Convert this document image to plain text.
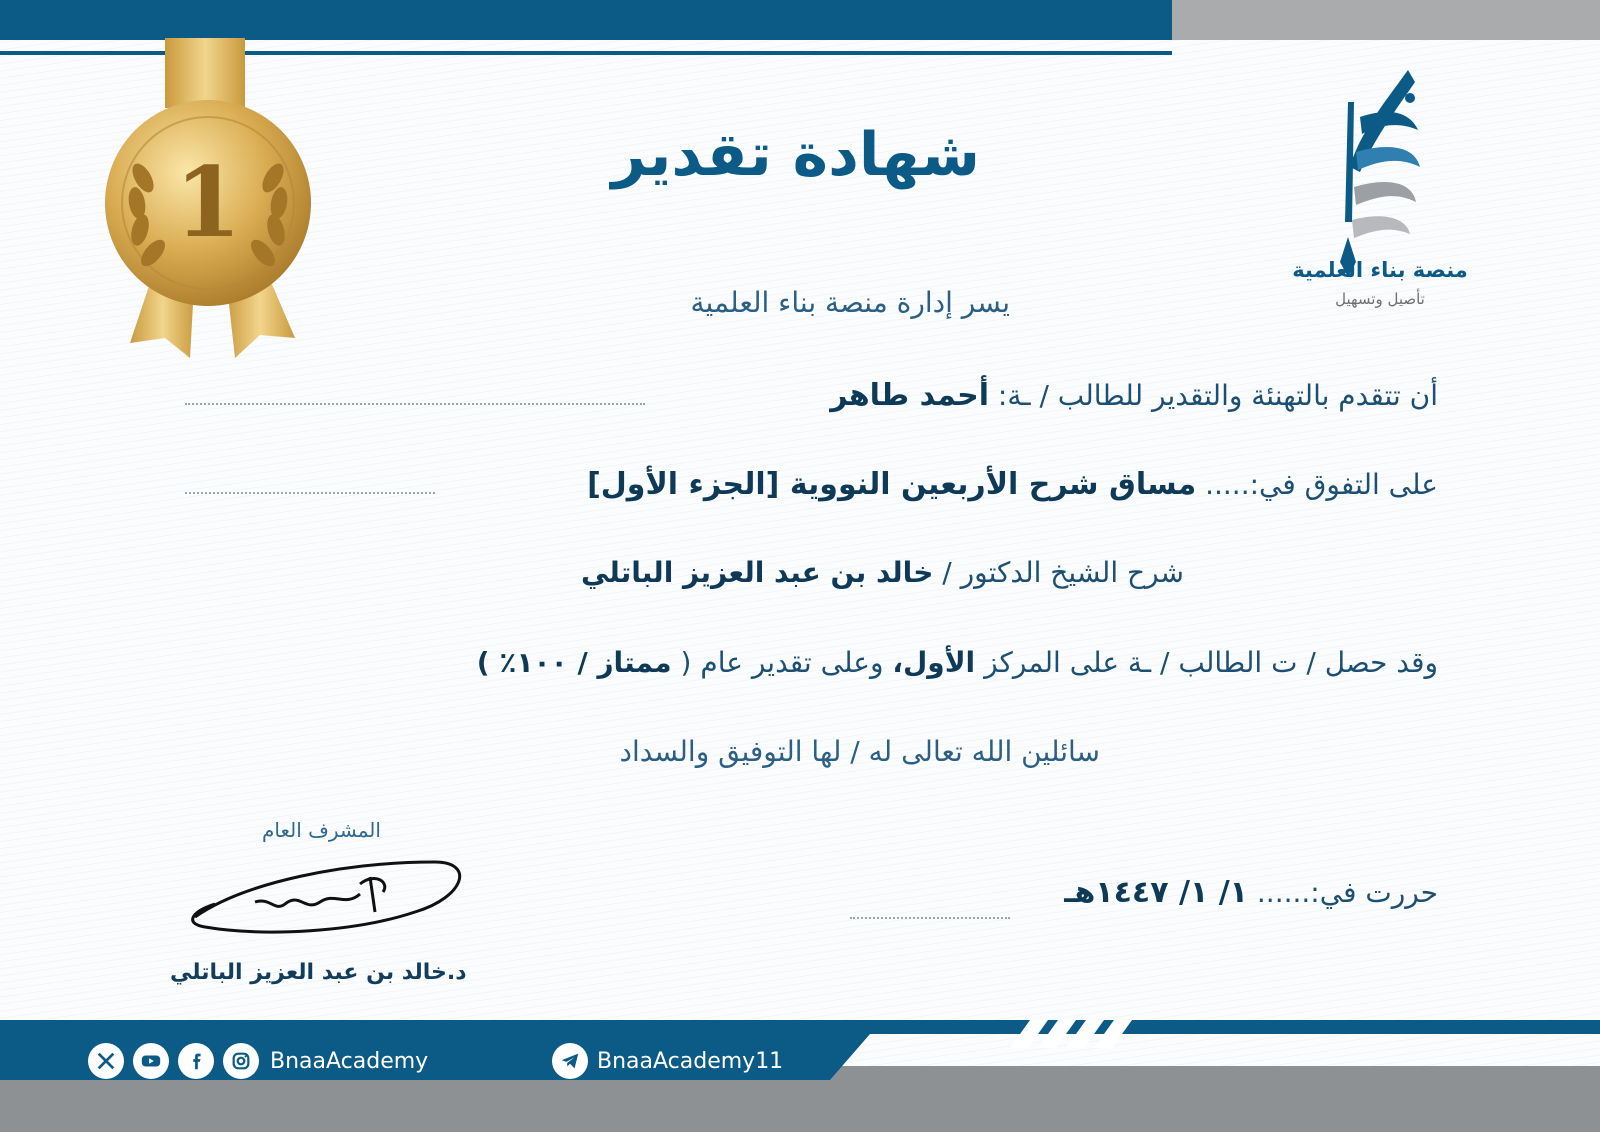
1
منصة بناء العلمية
تأصيل وتسهيل
شهادة تقدير
يسر إدارة منصة بناء العلمية
أن تتقدم بالتهنئة والتقدير للطالب / ـة: أحمد طاهر
على التفوق في:..... مساق شرح الأربعين النووية [الجزء الأول]
شرح الشيخ الدكتور / خالد بن عبد العزيز الباتلي
وقد حصل / ت الطالب / ـة على المركز الأول، وعلى تقدير عام ( ممتاز / ١٠٠٪ )
سائلين الله تعالى له / لها التوفيق والسداد
حررت في:...... ١/ ١/ ١٤٤٧هـ
المشرف العام
د.خالد بن عبد العزيز الباتلي
BnaaAcademy	BnaaAcademy11
